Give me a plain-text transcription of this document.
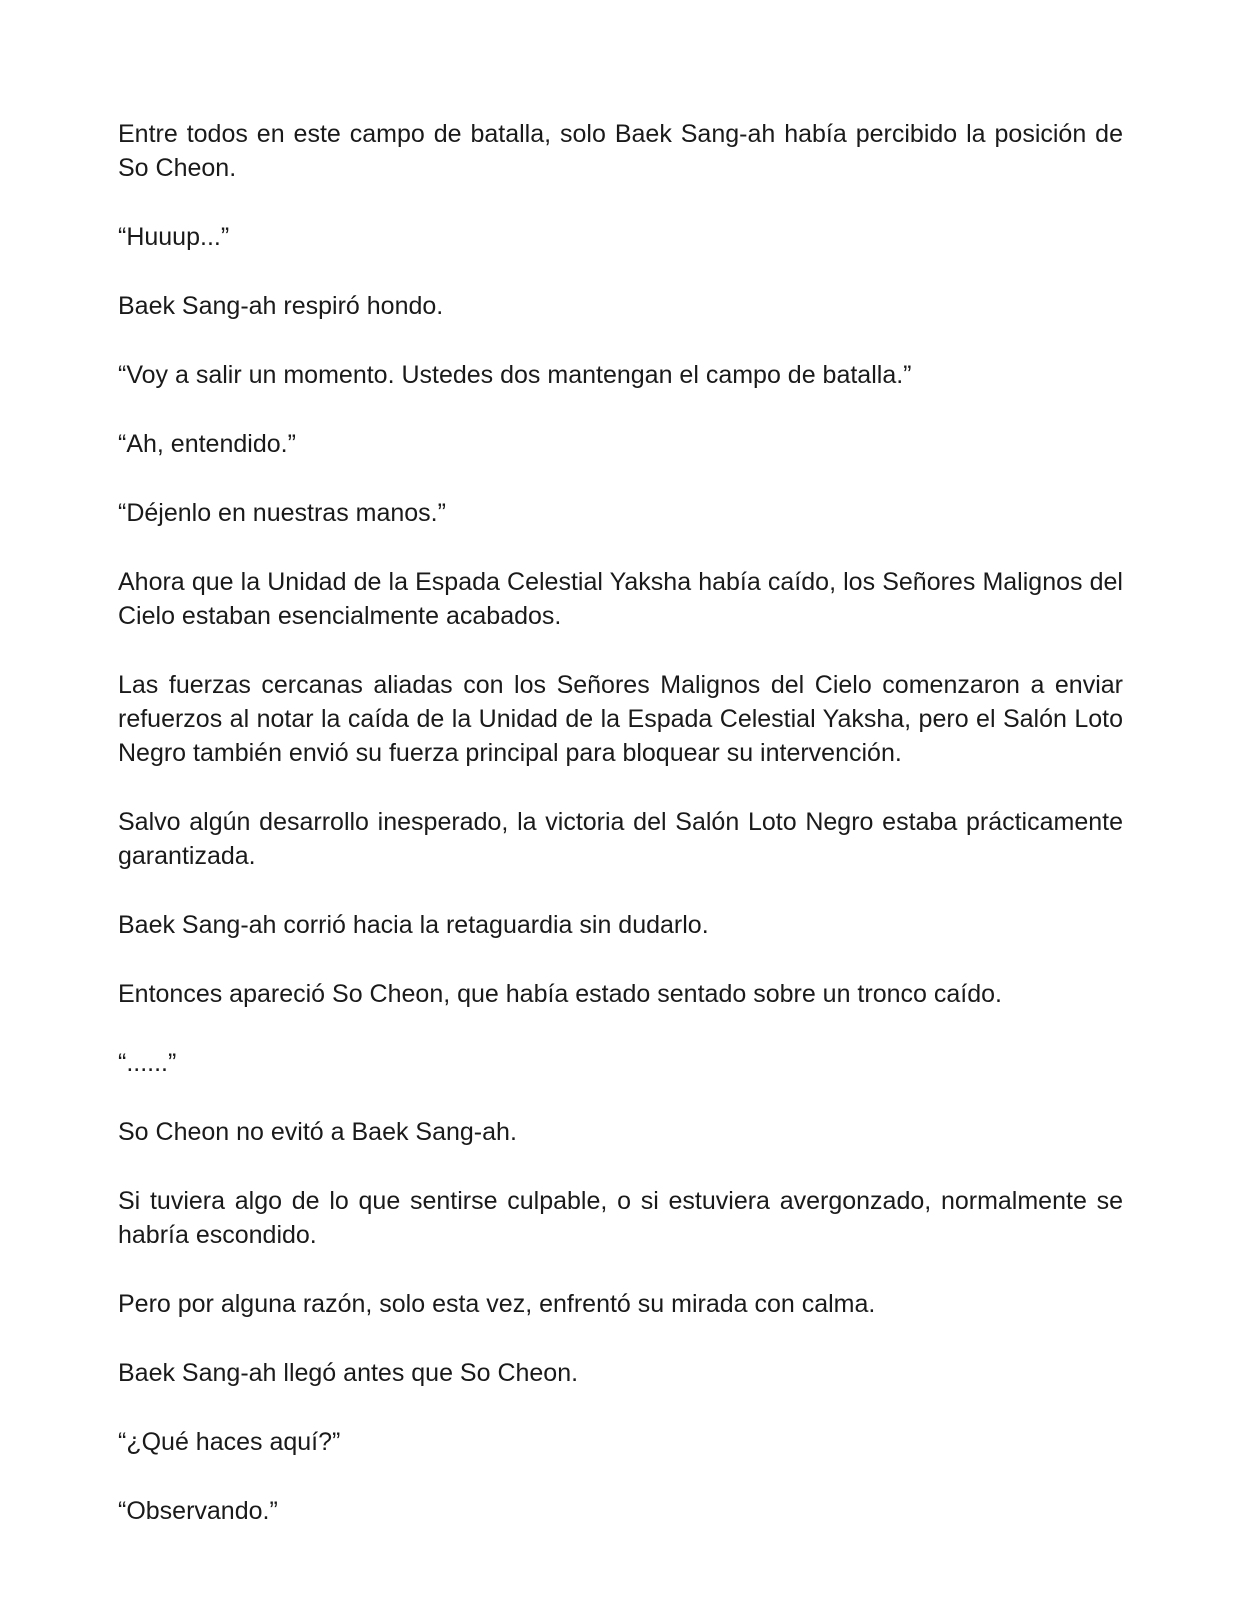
Entre todos en este campo de batalla, solo Baek Sang-ah había percibido la posición de So Cheon.

“Huuup...”

Baek Sang-ah respiró hondo.

“Voy a salir un momento. Ustedes dos mantengan el campo de batalla.”

“Ah, entendido.”

“Déjenlo en nuestras manos.”

Ahora que la Unidad de la Espada Celestial Yaksha había caído, los Señores Malignos del Cielo estaban esencialmente acabados.

Las fuerzas cercanas aliadas con los Señores Malignos del Cielo comenzaron a enviar refuerzos al notar la caída de la Unidad de la Espada Celestial Yaksha, pero el Salón Loto Negro también envió su fuerza principal para bloquear su intervención.

Salvo algún desarrollo inesperado, la victoria del Salón Loto Negro estaba prácticamente garantizada.

Baek Sang-ah corrió hacia la retaguardia sin dudarlo.

Entonces apareció So Cheon, que había estado sentado sobre un tronco caído.

“......”

So Cheon no evitó a Baek Sang-ah.

Si tuviera algo de lo que sentirse culpable, o si estuviera avergonzado, normalmente se habría escondido.

Pero por alguna razón, solo esta vez, enfrentó su mirada con calma.

Baek Sang-ah llegó antes que So Cheon.

“¿Qué haces aquí?”

“Observando.”
